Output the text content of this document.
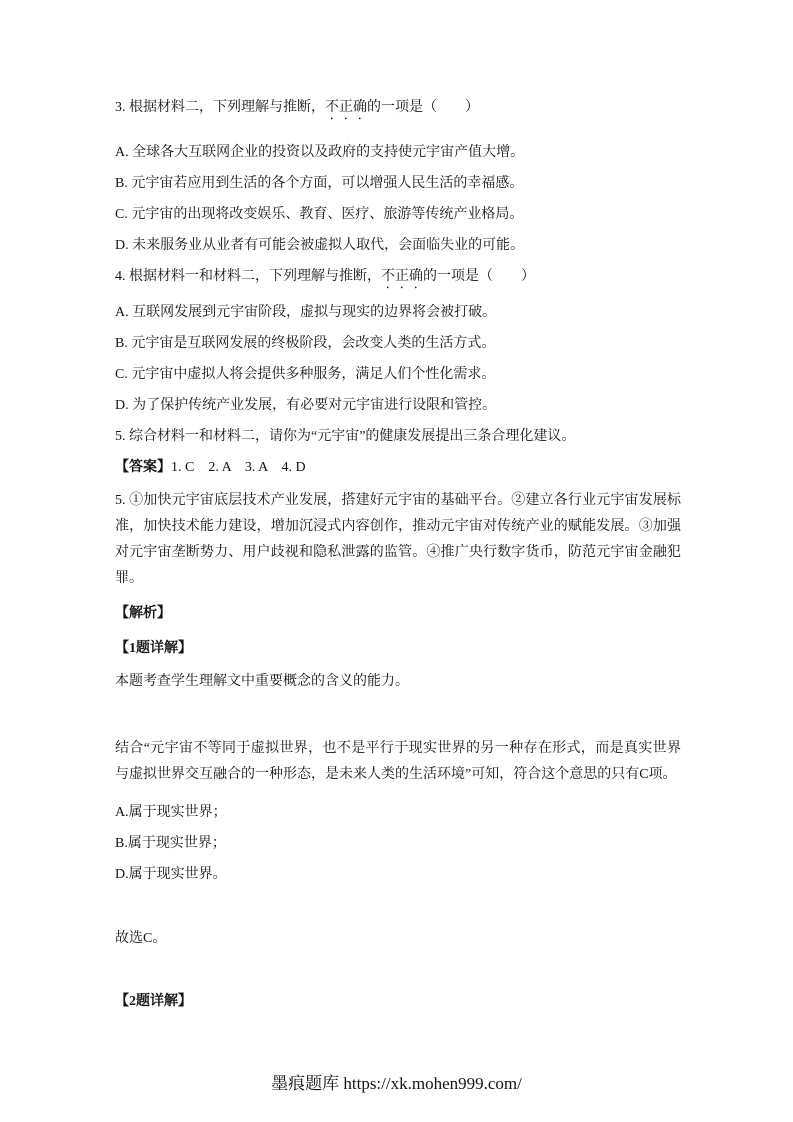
3. 根据材料二，下列理解与推断，不正确的一项是（　　）

A. 全球各大互联网企业的投资以及政府的支持使元宇宙产值大增。

B. 元宇宙若应用到生活的各个方面，可以增强人民生活的幸福感。

C. 元宇宙的出现将改变娱乐、教育、医疗、旅游等传统产业格局。

D. 未来服务业从业者有可能会被虚拟人取代，会面临失业的可能。

4. 根据材料一和材料二，下列理解与推断，不正确的一项是（　　）

A. 互联网发展到元宇宙阶段，虚拟与现实的边界将会被打破。

B. 元宇宙是互联网发展的终极阶段，会改变人类的生活方式。

C. 元宇宙中虚拟人将会提供多种服务，满足人们个性化需求。

D. 为了保护传统产业发展，有必要对元宇宙进行设限和管控。

5. 综合材料一和材料二，请你为“元宇宙”的健康发展提出三条合理化建议。

【答案】1. C    2. A    3. A    4. D

5. ①加快元宇宙底层技术产业发展，搭建好元宇宙的基础平台。②建立各行业元宇宙发展标准，加快技术能力建设，增加沉浸式内容创作，推动元宇宙对传统产业的赋能发展。③加强对元宇宙垄断势力、用户歧视和隐私泄露的监管。④推广央行数字货币，防范元宇宙金融犯罪。

【解析】

【1题详解】

本题考查学生理解文中重要概念的含义的能力。

结合“元宇宙不等同于虚拟世界，也不是平行于现实世界的另一种存在形式，而是真实世界与虚拟世界交互融合的一种形态，是未来人类的生活环境”可知，符合这个意思的只有C项。

A.属于现实世界；

B.属于现实世界；

D.属于现实世界。

故选C。

【2题详解】

墨痕题库 https://xk.mohen999.com/
